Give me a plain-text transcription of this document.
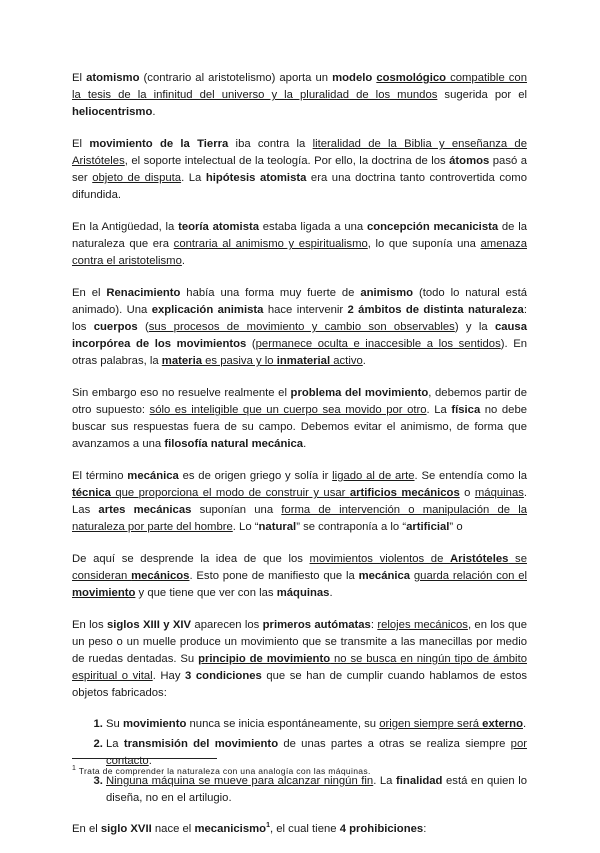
El atomismo (contrario al aristotelismo) aporta un modelo cosmológico compatible con la tesis de la infinitud del universo y la pluralidad de los mundos sugerida por el heliocentrismo.

El movimiento de la Tierra iba contra la literalidad de la Biblia y enseñanza de Aristóteles, el soporte intelectual de la teología. Por ello, la doctrina de los átomos pasó a ser objeto de disputa. La hipótesis atomista era una doctrina tanto controvertida como difundida.

En la Antigüedad, la teoría atomista estaba ligada a una concepción mecanicista de la naturaleza que era contraria al animismo y espiritualismo, lo que suponía una amenaza contra el aristotelismo.

En el Renacimiento había una forma muy fuerte de animismo (todo lo natural está animado). Una explicación animista hace intervenir 2 ámbitos de distinta naturaleza: los cuerpos (sus procesos de movimiento y cambio son observables) y la causa incorpórea de los movimientos (permanece oculta e inaccesible a los sentidos). En otras palabras, la materia es pasiva y lo inmaterial activo.

Sin embargo eso no resuelve realmente el problema del movimiento, debemos partir de otro supuesto: sólo es inteligible que un cuerpo sea movido por otro. La física no debe buscar sus respuestas fuera de su campo. Debemos evitar el animismo, de forma que avanzamos a una filosofía natural mecánica.

El término mecánica es de origen griego y solía ir ligado al de arte. Se entendía como la técnica que proporciona el modo de construir y usar artificios mecánicos o máquinas. Las artes mecánicas suponían una forma de intervención o manipulación de la naturaleza por parte del hombre. Lo “natural” se contraponía a lo “artificial” o

De aquí se desprende la idea de que los movimientos violentos de Aristóteles se consideran mecánicos. Esto pone de manifiesto que la mecánica guarda relación con el movimiento y que tiene que ver con las máquinas.

En los siglos XIII y XIV aparecen los primeros autómatas: relojes mecánicos, en los que un peso o un muelle produce un movimiento que se transmite a las manecillas por medio de ruedas dentadas. Su principio de movimiento no se busca en ningún tipo de ámbito espiritual o vital. Hay 3 condiciones que se han de cumplir cuando hablamos de estos objetos fabricados:

1. Su movimiento nunca se inicia espontáneamente, su origen siempre será externo.
2. La transmisión del movimiento de unas partes a otras se realiza siempre por contacto.
3. Ninguna máquina se mueve para alcanzar ningún fin. La finalidad está en quien lo diseña, no en el artilugio.

En el siglo XVII nace el mecanicismo$^1$, el cual tiene 4 prohibiciones:

$^1$ Trata de comprender la naturaleza con una analogía con las máquinas.
